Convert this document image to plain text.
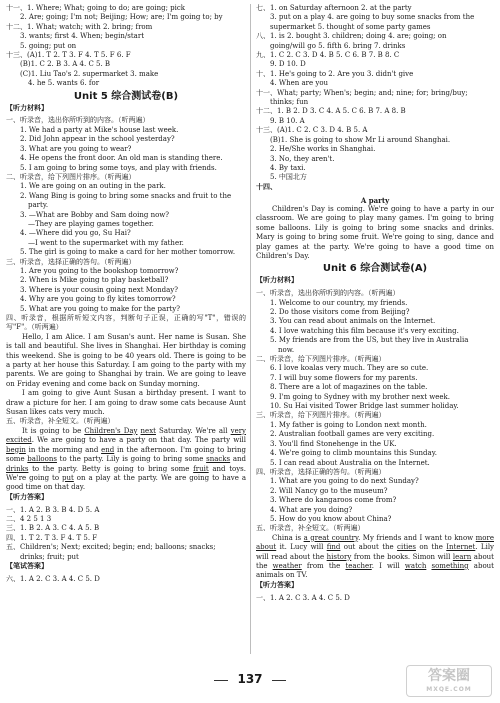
十一、1. Where; What; going to do; are going; pick
2. Are; going; I'm not; Beijing; How; are; I'm going to; by
十二、1. What; watch; with 2. bring; from
3. wants; first 4. When; begin/start
5. going; put on
十三、(A)1. T 2. T 3. F 4. T 5. F 6. F
(B)1. C 2. B 3. A 4. C 5. B
(C)1. Liu Tao's 2. supermarket 3. make
4. he 5. wants 6. for
Unit 5 综合测试卷(B)
【听力材料】
一、听录音，选出你所听到的内容。（听两遍）
1. We had a party at Mike's house last week.
2. Did John appear in the school yesterday?
3. What are you going to wear?
4. He opens the front door. An old man is standing there.
5. I am going to bring some toys, and play with friends.
二、听录音，给下列图片排序。（听两遍）
1. We are going on an outing in the park.
2. Wang Bing is going to bring some snacks and fruit to the
party.
3. —What are Bobby and Sam doing now?
—They are playing games together.
4. —Where did you go, Su Hai?
—I went to the supermarket with my father.
5. The girl is going to make a card for her mother tomorrow.
三、听录音，选择正确的答句。（听两遍）
1. Are you going to the bookshop tomorrow?
2. When is Mike going to play basketball?
3. Where is your cousin going next Monday?
4. Why are you going to fly kites tomorrow?
5. What are you going to make for the party?
四、听录音，根据所听短文内容，判断句子正误，正确的写"T"，错误的写"F"。（听两遍）
Hello, I am Alice. I am Susan's aunt. Her name is Susan. She is tall and beautiful. She lives in Shanghai. Her birthday is coming this weekend. She is going to be 40 years old. There is going to be a party at her house this Saturday. I am going to the party with my parents. We are going to Shanghai by train. We are going to leave on Friday evening and come back on Sunday morning.
I am going to give Aunt Susan a birthday present. I want to draw a picture for her. I am going to draw some cats because Aunt Susan likes cats very much.
五、听录音，补全短文。（听两遍）
It is going to be Children's Day next Saturday. We're all very excited. We are going to have a party on that day. The party will begin in the morning and end in the afternoon. I'm going to bring some balloons to the party. Lily is going to bring some snacks and drinks to the party. Betty is going to bring some fruit and toys. We're going to put on a play at the party. We are going to have a good time on that day.
【听力答案】
一、1. A 2. B 3. B 4. D 5. A
二、4 2 5 1 3
三、1. B 2. A 3. C 4. A 5. B
四、1. T 2. T 3. F 4. T 5. F
五、Children's; Next; excited; begin; end; balloons; snacks;
drinks; fruit; put
【笔试答案】
六、1. A 2. C 3. A 4. C 5. D
七、1. on Saturday afternoon 2. at the party
3. put on a play 4. are going to buy some snacks from the
supermarket 5. thought of some party games
八、1. is 2. bought 3. children; doing 4. are; going; on
going/will go 5. fifth 6. bring 7. drinks
九、1. C 2. C 3. D 4. B 5. C 6. B 7. B 8. C
9. D 10. D
十、1. He's going to 2. Are you 3. didn't give
4. When are you
十一、What; party; When's; begin; and; nine; for; bring/buy;
thinks; fun
十二、1. B 2. D 3. C 4. A 5. C 6. B 7. A 8. B
9. B 10. A
十三、(A)1. C 2. C 3. D 4. B 5. A
(B)1. She is going to show Mr Li around Shanghai.
2. He/She works in Shanghai.
3. No, they aren't.
4. By taxi.
5. 中国北方
十四、
A party
Children's Day is coming. We're going to have a party in our classroom. We are going to play many games. I'm going to bring some balloons. Lily is going to bring some snacks and drinks. Mary is going to bring some fruit. We're going to sing, dance and play games at the party. We're going to have a good time on Children's Day.
Unit 6 综合测试卷(A)
【听力材料】
一、听录音，选出你所听到的内容。（听两遍）
1. Welcome to our country, my friends.
2. Do those visitors come from Beijing?
3. You can read about animals on the Internet.
4. I love watching this film because it's very exciting.
5. My friends are from the US, but they live in Australia
now.
二、听录音，给下列图片排序。（听两遍）
6. I love koalas very much. They are so cute.
7. I will buy some flowers for my parents.
8. There are a lot of magazines on the table.
9. I'm going to Sydney with my brother next week.
10. Su Hai visited Tower Bridge last summer holiday.
三、听录音，给下列图片排序。（听两遍）
1. My father is going to London next month.
2. Australian football games are very exciting.
3. You'll find Stonehenge in the UK.
4. We're going to climb mountains this Sunday.
5. I can read about Australia on the Internet.
四、听录音，选择正确的答句。（听两遍）
1. What are you going to do next Sunday?
2. Will Nancy go to the museum?
3. Where do kangaroos come from?
4. What are you doing?
5. How do you know about China?
五、听录音，补全短文。（听两遍）
China is a great country. My friends and I want to know more about it. Lucy will find out about the cities on the Internet. Lily will read about the history from the books. Simon will learn about the weather from the teacher. I will watch something about animals on TV.
【听力答案】
一、1. A 2. C 3. A 4. C 5. D
137	答案圈
MXQE.COM
